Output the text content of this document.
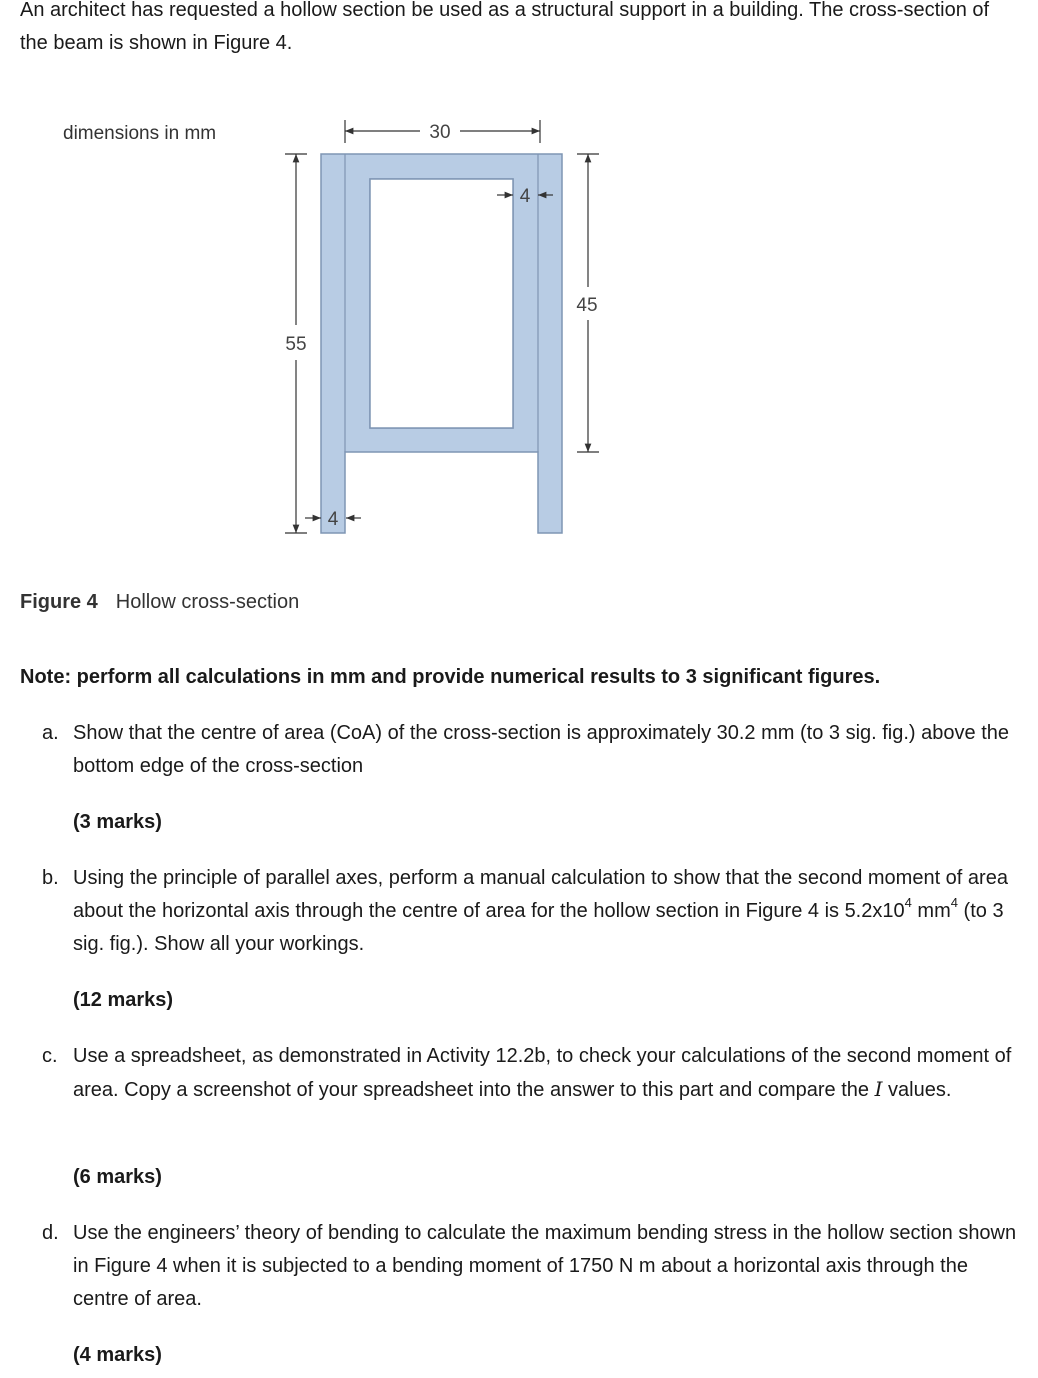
An architect has requested a hollow section be used as a structural support in a building. The cross-section of the beam is shown in Figure 4.

dimensions in mm	30
4
4
45
55
Figure 4 Hollow cross-section
Note: perform all calculations in mm and provide numerical results to 3 significant figures.
a. Show that the centre of area (CoA) of the cross-section is approximately 30.2 mm (to 3 sig. fig.) above the bottom edge of the cross-section
(3 marks)
b. Using the principle of parallel axes, perform a manual calculation to show that the second moment of area about the horizontal axis through the centre of area for the hollow section in Figure 4 is $5.2x10^4$ $mm^4$ (to 3 sig. fig.). Show all your workings.
(12 marks)
c. Use a spreadsheet, as demonstrated in Activity 12.2b, to check your calculations of the second moment of area. Copy a screenshot of your spreadsheet into the answer to this part and compare the I values.
(6 marks)
d. Use the engineers’ theory of bending to calculate the maximum bending stress in the hollow section shown in Figure 4 when it is subjected to a bending moment of 1750 N m about a horizontal axis through the centre of area.
(4 marks)
